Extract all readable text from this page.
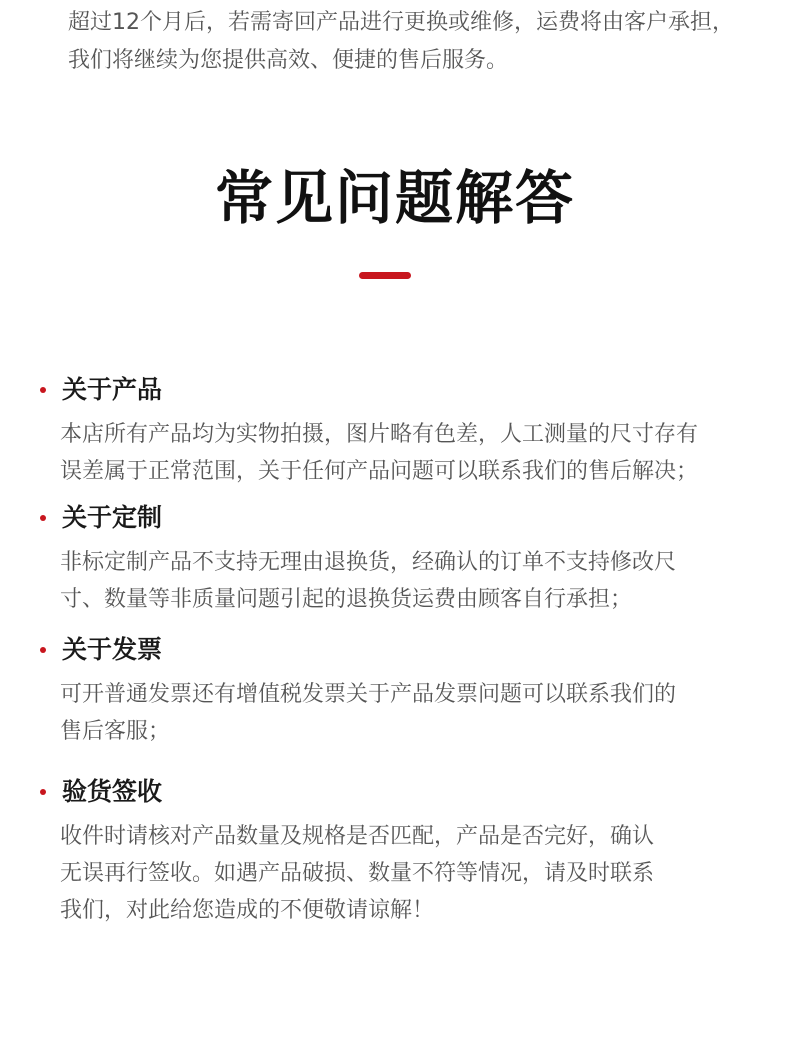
超过12个月后，若需寄回产品进行更换或维修，运费将由客户承担，

我们将继续为您提供高效、便捷的售后服务。

常见问题解答
关于产品

本店所有产品均为实物拍摄，图片略有色差，人工测量的尺寸存有

误差属于正常范围，关于任何产品问题可以联系我们的售后解决；

关于定制

非标定制产品不支持无理由退换货，经确认的订单不支持修改尺

寸、数量等非质量问题引起的退换货运费由顾客自行承担；

关于发票

可开普通发票还有增值税发票关于产品发票问题可以联系我们的

售后客服；

验货签收

收件时请核对产品数量及规格是否匹配，产品是否完好，确认

无误再行签收。如遇产品破损、数量不符等情况，请及时联系

我们，对此给您造成的不便敬请谅解！
